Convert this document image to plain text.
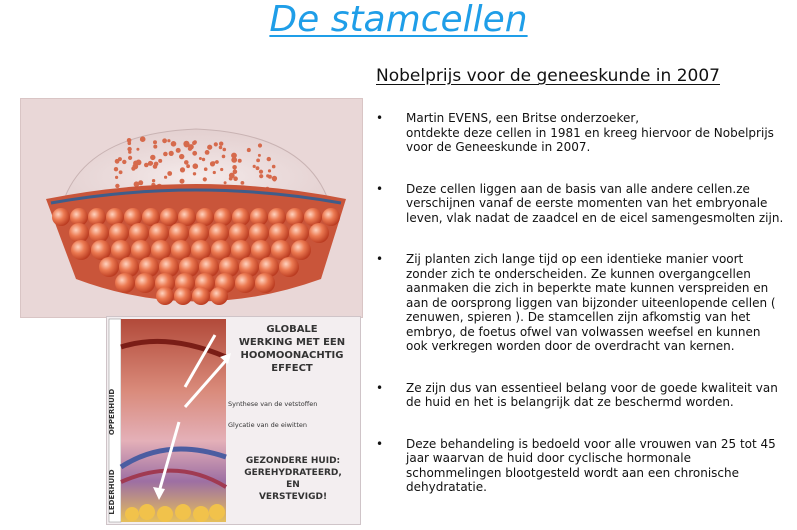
De stamcellen
OPPERHUID
LEDERHUID
GLOBALE
WERKING MET EEN
HOOMOONACHTIG
EFFECT
Synthese van de vetstoffen
Glycatie van de eiwitten
GEZONDERE HUID:
GEREHYDRATEERD,
EN
VERSTEVIGD!
Nobelprijs voor de geneeskunde in 2007
• Martin EVENS, een Britse onderzoeker,
ontdekte deze cellen in 1981 en kreeg hiervoor de Nobelprijs
voor de Geneeskunde in 2007.
• Deze cellen liggen aan de basis van alle andere cellen.ze
verschijnen vanaf de eerste momenten van het embryonale
leven, vlak nadat de zaadcel en de eicel samengesmolten zijn.
• Zij planten zich lange tijd op een identieke manier voort
zonder zich te onderscheiden. Ze kunnen overgangcellen
aanmaken die zich in beperkte mate kunnen verspreiden en
aan de oorsprong liggen van bijzonder uiteenlopende cellen (
zenuwen, spieren ). De stamcellen zijn afkomstig van het
embryo, de foetus ofwel van volwassen weefsel en kunnen
ook verkregen worden door de overdracht van kernen.
• Ze zijn dus van essentieel belang voor de goede kwaliteit van
de huid en het is belangrijk dat ze beschermd worden.
• Deze behandeling is bedoeld voor alle vrouwen van 25 tot 45
jaar waarvan de huid door cyclische hormonale
schommelingen blootgesteld wordt aan een chronische
dehydratatie.
